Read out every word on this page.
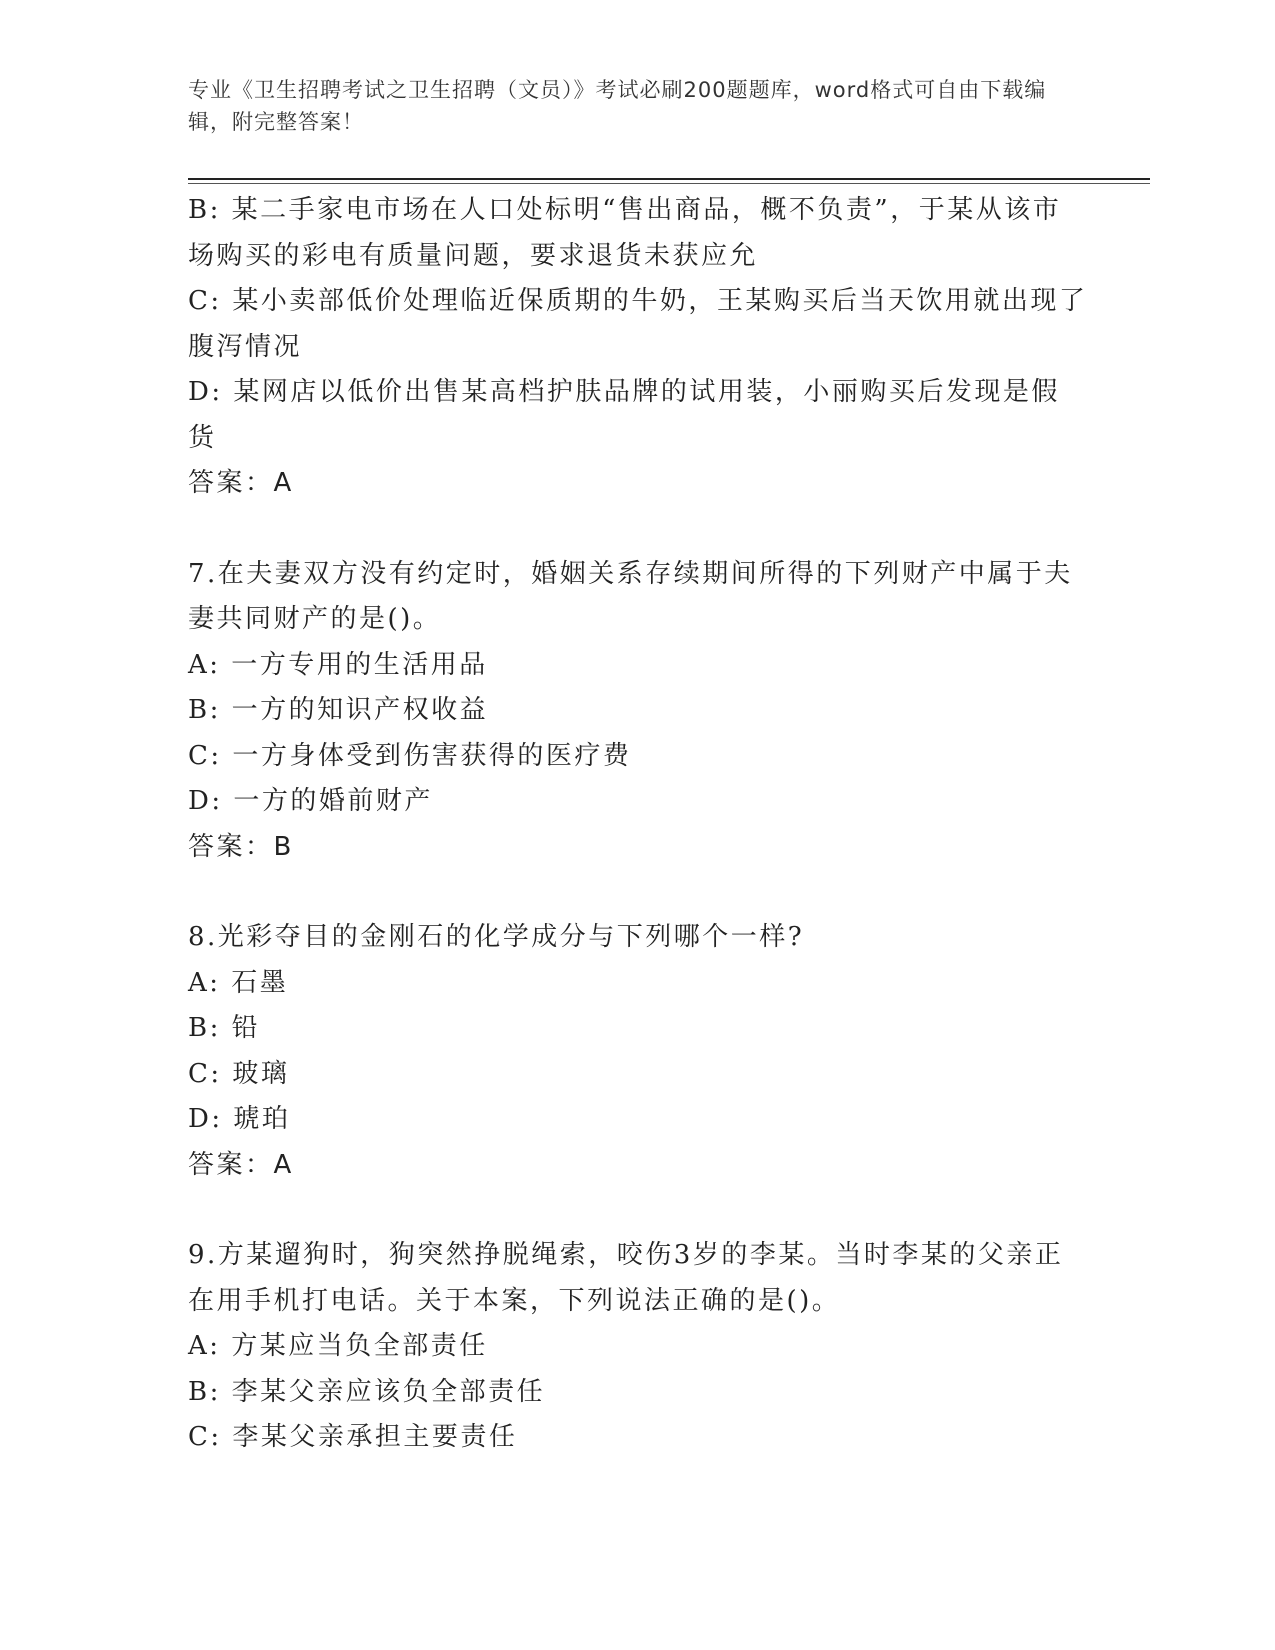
专业《卫生招聘考试之卫生招聘（文员）》考试必刷200题题库，word格式可自由下载编辑，附完整答案！

B: 某二手家电市场在人口处标明“售出商品，概不负责”，于某从该市场购买的彩电有质量问题，要求退货未获应允

C: 某小卖部低价处理临近保质期的牛奶，王某购买后当天饮用就出现了腹泻情况

D: 某网店以低价出售某高档护肤品牌的试用装，小丽购买后发现是假货

答案：A

7.在夫妻双方没有约定时，婚姻关系存续期间所得的下列财产中属于夫妻共同财产的是()。

A: 一方专用的生活用品

B: 一方的知识产权收益

C: 一方身体受到伤害获得的医疗费

D: 一方的婚前财产

答案：B

8.光彩夺目的金刚石的化学成分与下列哪个一样?

A: 石墨

B: 铅

C: 玻璃

D: 琥珀

答案：A

9.方某遛狗时，狗突然挣脱绳索，咬伤3岁的李某。当时李某的父亲正在用手机打电话。关于本案，下列说法正确的是()。

A: 方某应当负全部责任

B: 李某父亲应该负全部责任

C: 李某父亲承担主要责任
